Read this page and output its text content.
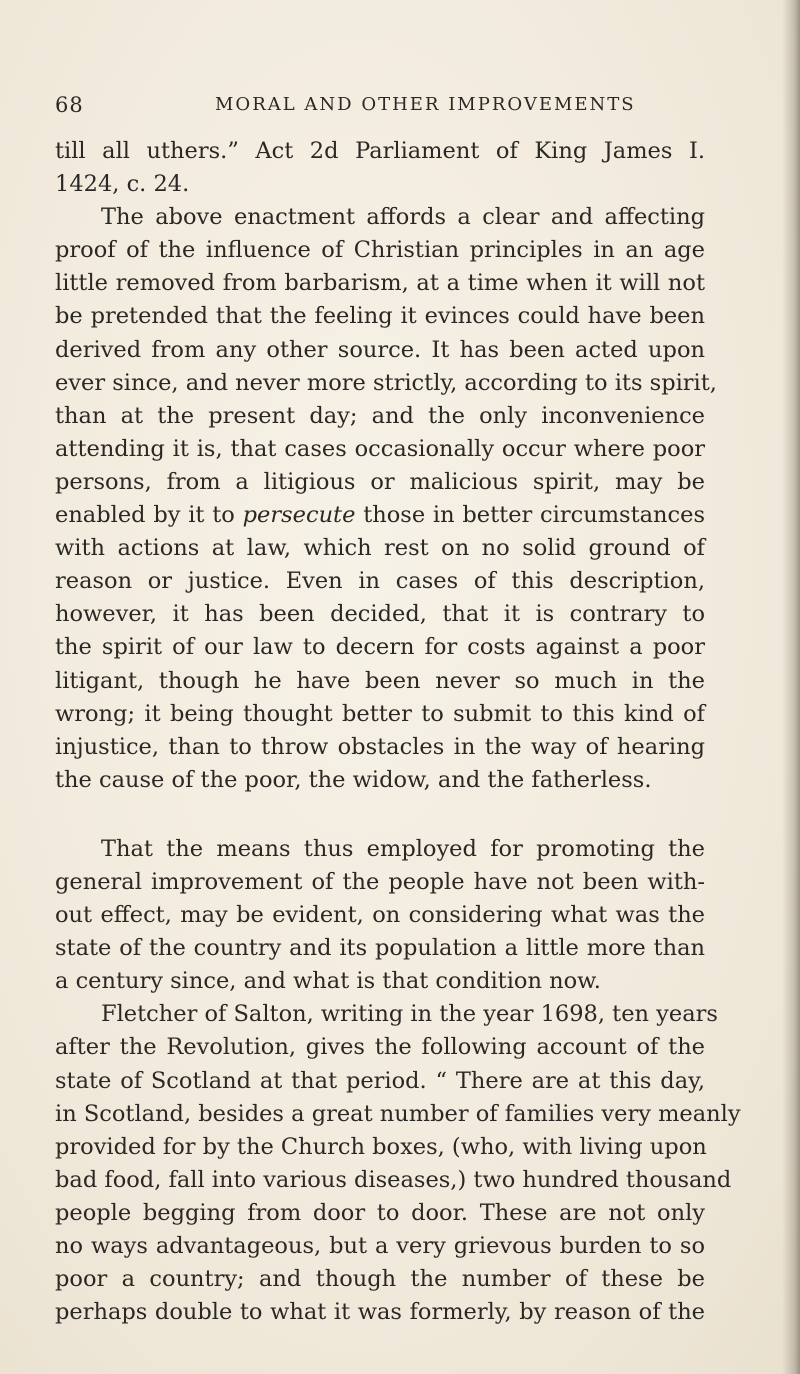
68	MORAL AND OTHER IMPROVEMENTS
till all uthers.” Act 2d Parliament of King James I.
1424, c. 24.
The above enactment affords a clear and affecting
proof of the influence of Christian principles in an age
little removed from barbarism, at a time when it will not
be pretended that the feeling it evinces could have been
derived from any other source. It has been acted upon
ever since, and never more strictly, according to its spirit,
than at the present day; and the only inconvenience
attending it is, that cases occasionally occur where poor
persons, from a litigious or malicious spirit, may be
enabled by it to persecute those in better circumstances
with actions at law, which rest on no solid ground of
reason or justice. Even in cases of this description,
however, it has been decided, that it is contrary to
the spirit of our law to decern for costs against a poor
litigant, though he have been never so much in the
wrong; it being thought better to submit to this kind of
injustice, than to throw obstacles in the way of hearing
the cause of the poor, the widow, and the fatherless.
That the means thus employed for promoting the
general improvement of the people have not been with-
out effect, may be evident, on considering what was the
state of the country and its population a little more than
a century since, and what is that condition now.
Fletcher of Salton, writing in the year 1698, ten years
after the Revolution, gives the following account of the
state of Scotland at that period. “ There are at this day,
in Scotland, besides a great number of families very meanly
provided for by the Church boxes, (who, with living upon
bad food, fall into various diseases,) two hundred thousand
people begging from door to door. These are not only
no ways advantageous, but a very grievous burden to so
poor a country; and though the number of these be
perhaps double to what it was formerly, by reason of the
